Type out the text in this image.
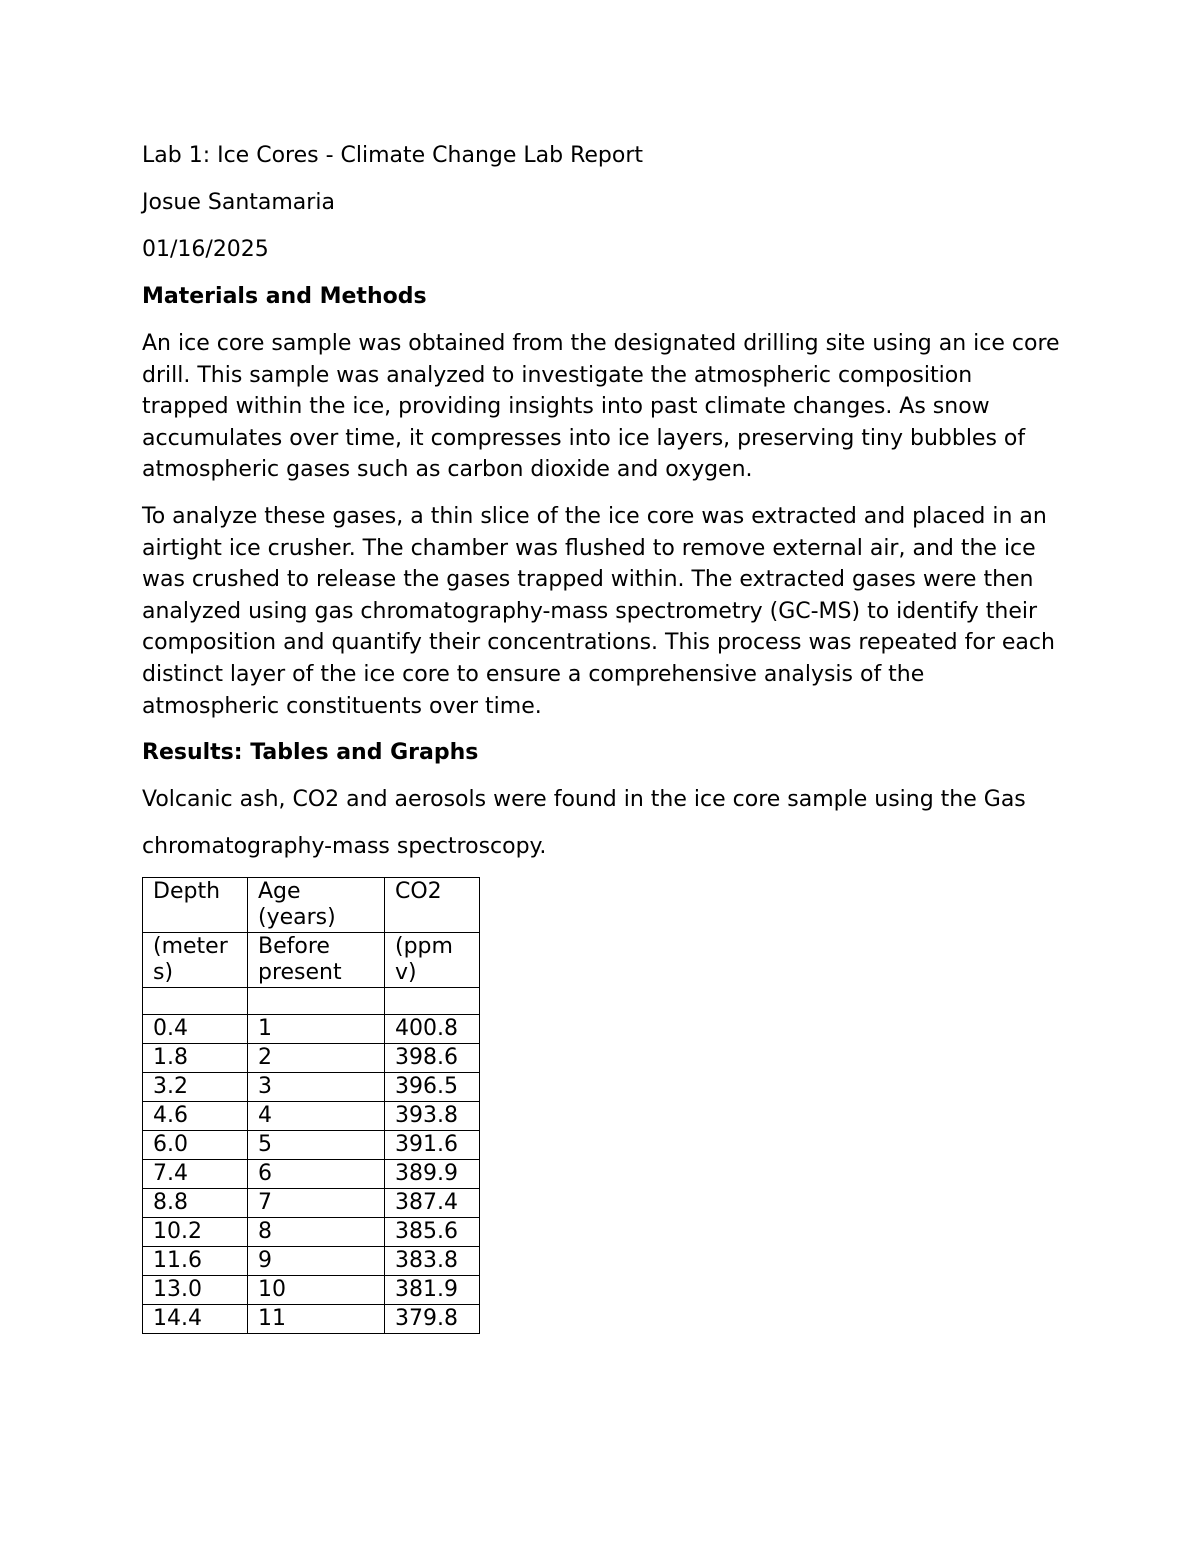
Lab 1: Ice Cores - Climate Change Lab Report
Josue Santamaria
01/16/2025
Materials and Methods
An ice core sample was obtained from the designated drilling site using an ice core drill. This sample was analyzed to investigate the atmospheric composition trapped within the ice, providing insights into past climate changes. As snow accumulates over time, it compresses into ice layers, preserving tiny bubbles of atmospheric gases such as carbon dioxide and oxygen.
To analyze these gases, a thin slice of the ice core was extracted and placed in an airtight ice crusher. The chamber was flushed to remove external air, and the ice was crushed to release the gases trapped within. The extracted gases were then analyzed using gas chromatography-mass spectrometry (GC-MS) to identify their composition and quantify their concentrations. This process was repeated for each distinct layer of the ice core to ensure a comprehensive analysis of the atmospheric constituents over time.
Results: Tables and Graphs
Volcanic ash, CO2 and aerosols were found in the ice core sample using the Gas
chromatography-mass spectroscopy.
Depth	Age (years)	CO2
(meter s)	Before present	(ppm v)

0.4	1	400.8
1.8	2	398.6
3.2	3	396.5
4.6	4	393.8
6.0	5	391.6
7.4	6	389.9
8.8	7	387.4
10.2	8	385.6
11.6	9	383.8
13.0	10	381.9
14.4	11	379.8
